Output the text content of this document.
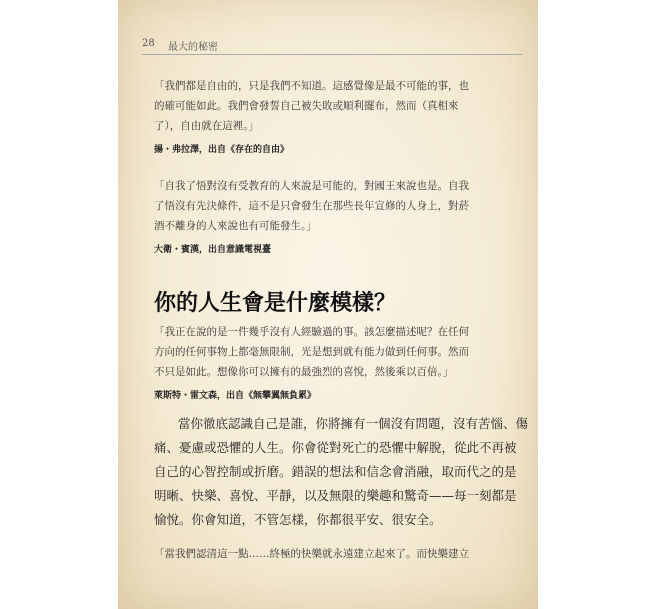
28 最大的秘密
「我們都是自由的，只是我們不知道。這感覺像是最不可能的事，也
的確可能如此。我們會發誓自己被失敗或順利擺布，然而（真相來
了），自由就在這裡。」
揚・弗拉澤，出自《存在的自由》
「自我了悟對沒有受教育的人來說是可能的，對國王來說也是。自我
了悟沒有先決條件，這不是只會發生在那些長年宣修的人身上，對菸
酒不離身的人來說也有可能發生。」
大衛・賓漢，出自意識電視臺
你的人生會是什麼模樣？
「我正在說的是一件幾乎沒有人經驗過的事。該怎麼描述呢？在任何
方向的任何事物上都毫無限制，光是想到就有能力做到任何事。然而
不只是如此。想像你可以擁有的最強烈的喜悅，然後乘以百倍。」
萊斯特・雷文森，出自《無攀翼無負累》
當你徹底認識自己是誰，你將擁有一個沒有問題，沒有苦惱、傷
痛、憂慮或恐懼的人生。你會從對死亡的恐懼中解脫，從此不再被
自己的心智控制或折磨。錯誤的想法和信念會消融，取而代之的是
明晰、快樂、喜悅、平靜，以及無限的樂趣和驚奇——每一刻都是
愉悅。你會知道，不管怎樣，你都很平安、很安全。
「當我們認清這一點……終極的快樂就永遠建立起來了。而快樂建立
